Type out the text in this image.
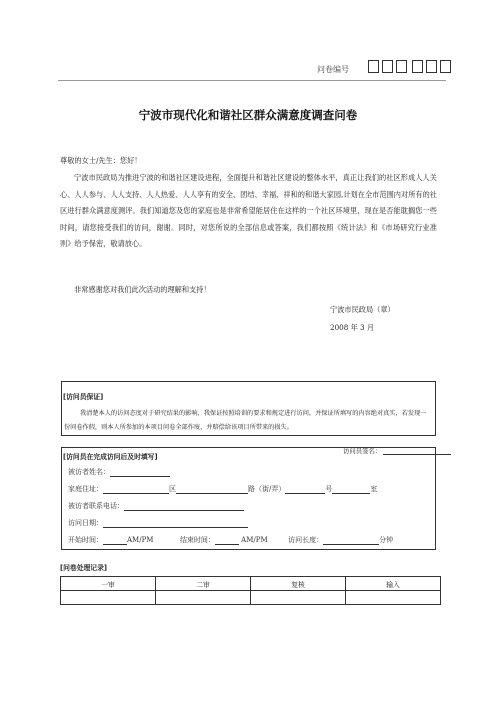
问卷编号
宁波市现代化和谐社区群众满意度调查问卷
尊敬的女士/先生：您好！
宁波市民政局为推进宁波的和谐社区建设进程，全面提升和谐社区建设的整体水平，真正让我们的社区形成人人关心、人人参与、人人支持、人人热爱、人人享有的安全、团结、幸福、祥和的和谐大家园,计划在全市范围内对所有的社区进行群众满意度测评。我们知道您及您的家庭也是非常希望能居住在这样的一个社区环境里，现在是否能耽搁您一些时间，请您接受我们的访问，谢谢。同时，对您所说的全部信息或答案，我们都按照《统计法》和《市场研究行业准则》给予保密，敬请放心。
非常感谢您对我们此次活动的理解和支持！
宁波市民政局（章）
2008 年 3 月
[访问员保证]
我清楚本人的访问态度对于研究结果的影响，我保证按照培训的要求和规定进行访问，并保证所填写的内容绝对真实，若发现一份问卷作假，则本人所参加的本项目问卷全部作废，并赔偿给该项目所带来的损失。
访问员签名：
[访问员在完成访问后及时填写]
被访者姓名：
家庭住址：	区	路（街/弄）	号	室
被访者联系电话：
访问日期：
开始时间：	AM/PM	结束时间：	AM/PM	访问长度：	分钟
[问卷处理记录]
一审	二审	复核	输入
